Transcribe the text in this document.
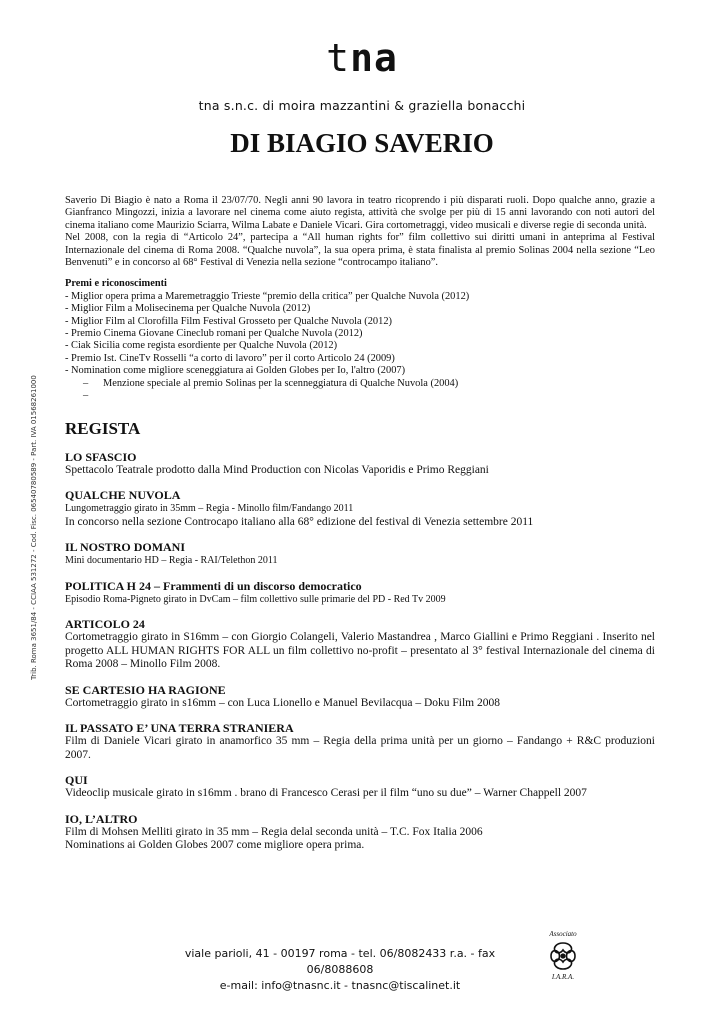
tna
tna s.n.c. di moira mazzantini & graziella bonacchi
DI BIAGIO SAVERIO
Trib. Roma 3651/84 - CCIAA 531272 - Cod. Fisc. 06540780589 - Part. IVA 01568261000

Saverio Di Biagio è nato a Roma il 23/07/70. Negli anni 90 lavora in teatro ricoprendo i più disparati ruoli. Dopo qualche anno, grazie a Gianfranco Mingozzi, inizia a lavorare nel cinema come aiuto regista, attività che svolge per più di 15 anni lavorando con noti autori del cinema italiano come Maurizio Sciarra, Wilma Labate e Daniele Vicari. Gira cortometraggi, video musicali e diverse regie di seconda unità.

Nel 2008, con la regia di “Articolo 24”, partecipa a “All human rights for” film collettivo sui diritti umani in anteprima al Festival Internazionale del cinema di Roma 2008. “Qualche nuvola”, la sua opera prima, è stata finalista al premio Solinas 2004 nella sezione “Leo Benvenuti” e in concorso al 68° Festival di Venezia nella sezione “controcampo italiano”.

Premi e riconoscimenti
- Miglior opera prima a Maremetraggio Trieste “premio della critica” per Qualche Nuvola (2012)
- Miglior Film a Molisecinema per Qualche Nuvola (2012)
- Miglior Film al Clorofilla Film Festival Grosseto per Qualche Nuvola (2012)
- Premio Cinema Giovane Cineclub romani per Qualche Nuvola (2012)
- Ciak Sicilia come regista esordiente per Qualche Nuvola (2012)
- Premio Ist. CineTv Rosselli “a corto di lavoro” per il corto Articolo 24 (2009)
- Nomination come migliore sceneggiatura ai Golden Globes per Io, l'altro (2007)
– Menzione speciale al premio Solinas per la scenneggiatura di Qualche Nuvola (2004)
–
REGISTA
LO SFASCIO
Spettacolo Teatrale prodotto dalla Mind Production con Nicolas Vaporidis e Primo Reggiani
QUALCHE NUVOLA
Lungometraggio girato in 35mm – Regia - Minollo film/Fandango 2011
In concorso nella sezione Controcapo italiano alla 68° edizione del festival di Venezia settembre 2011
IL NOSTRO DOMANI
Mini documentario HD – Regia - RAI/Telethon 2011
POLITICA H 24 – Frammenti di un discorso democratico
Episodio Roma-Pigneto girato in DvCam – film collettivo sulle primarie del PD - Red Tv 2009
ARTICOLO 24
Cortometraggio girato in S16mm – con Giorgio Colangeli, Valerio Mastandrea , Marco Giallini e Primo Reggiani . Inserito nel progetto ALL HUMAN RIGHTS FOR ALL un film collettivo no-profit – presentato al 3° festival Internazionale del cinema di Roma 2008 – Minollo Film 2008.
SE CARTESIO HA RAGIONE
Cortometraggio girato in s16mm – con Luca Lionello e Manuel Bevilacqua – Doku Film 2008
IL PASSATO E’ UNA TERRA STRANIERA
Film di Daniele Vicari girato in anamorfico 35 mm – Regia della prima unità per un giorno – Fandango + R&C produzioni 2007.
QUI
Videoclip musicale girato in s16mm . brano di Francesco Cerasi per il film “uno su due” – Warner Chappell 2007
IO, L’ALTRO
Film di Mohsen Melliti girato in 35 mm – Regia delal seconda unità – T.C. Fox Italia 2006
Nominations ai Golden Globes 2007 come migliore opera prima.
viale parioli, 41 - 00197 roma - tel. 06/8082433 r.a. - fax 06/8088608
e-mail: info@tnasnc.it - tnasnc@tiscalinet.it
Associato
I.A.R.A.
